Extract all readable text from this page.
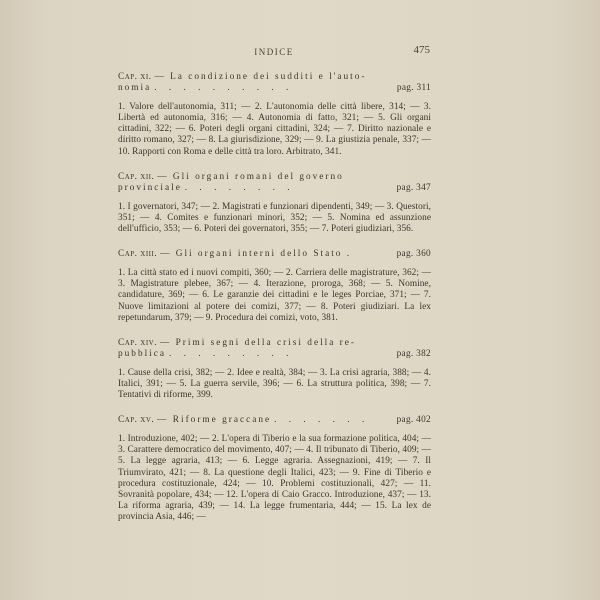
INDICE	475
Cap. xi. — La condizione dei sudditi e l'auto-
nomia . . . . . . . . . .	pag. 311
1. Valore dell'autonomia, 311; — 2. L'autonomia delle città libere, 314; — 3. Libertà ed autonomia, 316; — 4. Autonomia di fatto, 321; — 5. Gli organi cittadini, 322; — 6. Poteri degli organi cittadini, 324; — 7. Diritto nazionale e diritto romano, 327; — 8. La giurisdizione, 329; — 9. La giustizia penale, 337; — 10. Rapporti con Roma e delle città tra loro. Arbitrato, 341.
Cap. xii. — Gli organi romani del governo
provinciale . . . . . . . .	pag. 347
1. I governatori, 347; — 2. Magistrati e funzionari dipendenti, 349; — 3. Questori, 351; — 4. Comites e funzionari minori, 352; — 5. Nomina ed assunzione dell'ufficio, 353; — 6. Poteri dei governatori, 355; — 7. Poteri giudiziari, 356.
Cap. xiii. — Gli organi interni dello Stato .	pag. 360
1. La città stato ed i nuovi compiti, 360; — 2. Carriera delle magistrature, 362; — 3. Magistrature plebee, 367; — 4. Iterazione, proroga, 368; — 5. Nomine, candidature, 369; — 6. Le garanzie dei cittadini e le leges Porciae, 371; — 7. Nuove limitazioni al potere dei comizi, 377; — 8. Poteri giudiziari. La lex repetundarum, 379; — 9. Procedura dei comizi, voto, 381.
Cap. xiv. — Primi segni della crisi della re-
pubblica . . . . . . . . .	pag. 382
1. Cause della crisi, 382; — 2. Idee e realtà, 384; — 3. La crisi agraria, 388; — 4. Italici, 391; — 5. La guerra servile, 396; — 6. La struttura politica, 398; — 7. Tentativi di riforme, 399.
Cap. xv. — Riforme graccane . . . . . . .	pag. 402
1. Introduzione, 402; — 2. L'opera di Tiberio e la sua formazione politica, 404; — 3. Carattere democratico del movimento, 407; — 4. Il tribunato di Tiberio, 409; — 5. La legge agraria, 413; — 6. Legge agraria. Assegnazioni, 419; — 7. Il Triumvirato, 421; — 8. La questione degli Italici, 423; — 9. Fine di Tiberio e procedura costituzionale, 424; — 10. Problemi costituzionali, 427; — 11. Sovranità popolare, 434; — 12. L'opera di Caio Gracco. Introduzione, 437; — 13. La riforma agraria, 439; — 14. La legge frumentaria, 444; — 15. La lex de provincia Asia, 446; —
